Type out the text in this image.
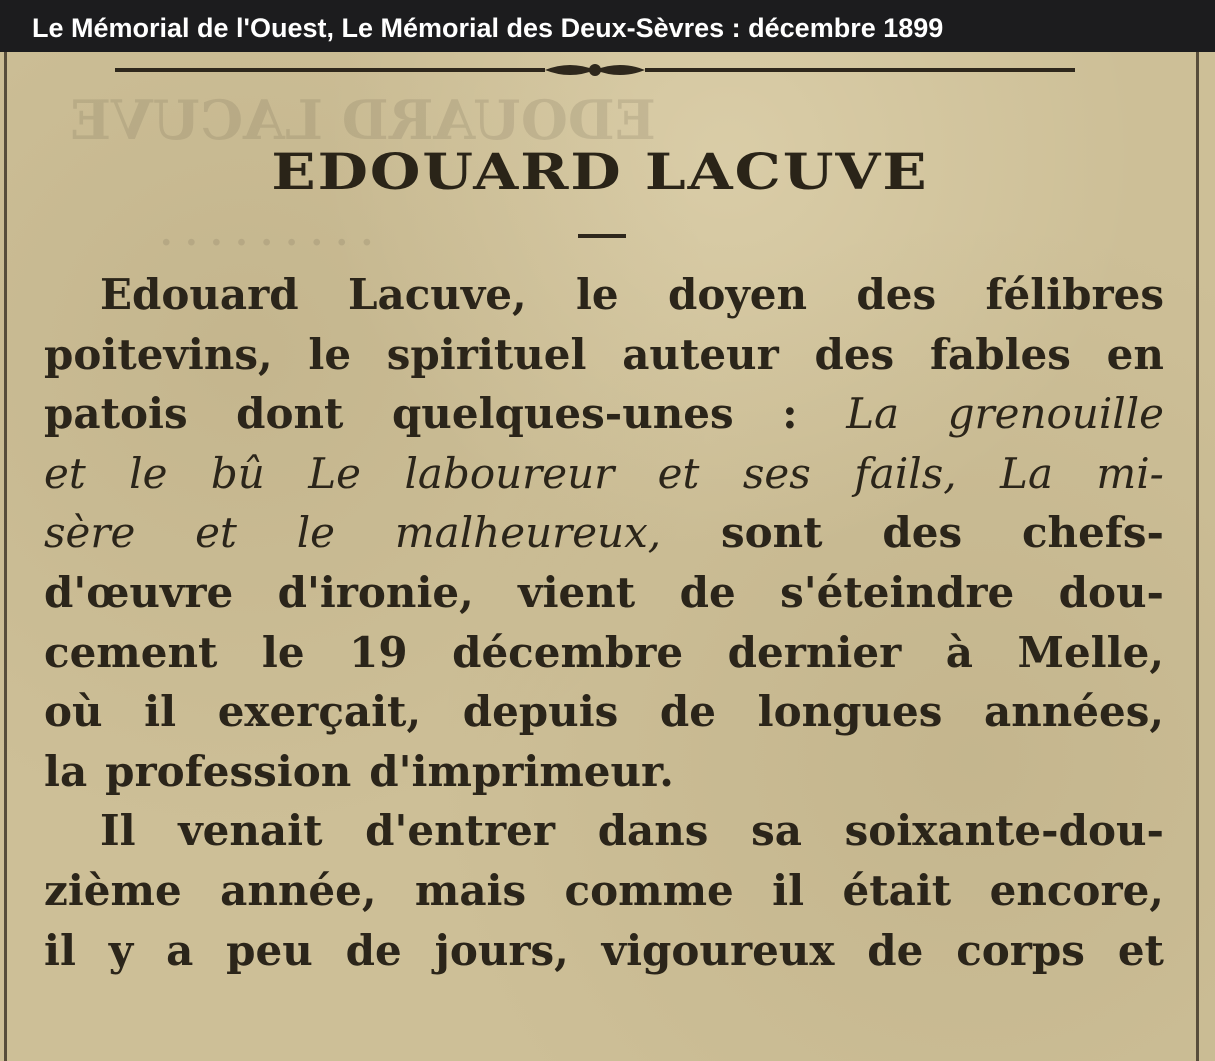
Le Mémorial de l'Ouest, Le Mémorial des Deux-Sèvres : décembre 1899
EDOUARD LACUVE
· · · · · · · · ·
EDOUARD LACUVE
Edouard Lacuve, le doyen des félibres
poitevins, le spirituel auteur des fables en
patois dont quelques-unes : La grenouille
et le bû Le laboureur et ses fails, La mi-
sère et le malheureux, sont des chefs-
d'œuvre d'ironie, vient de s'éteindre dou-
cement le 19 décembre dernier à Melle,
où il exerçait, depuis de longues années,
la profession d'imprimeur.
Il venait d'entrer dans sa soixante-dou-
zième année, mais comme il était encore,
il y a peu de jours, vigoureux de corps et
